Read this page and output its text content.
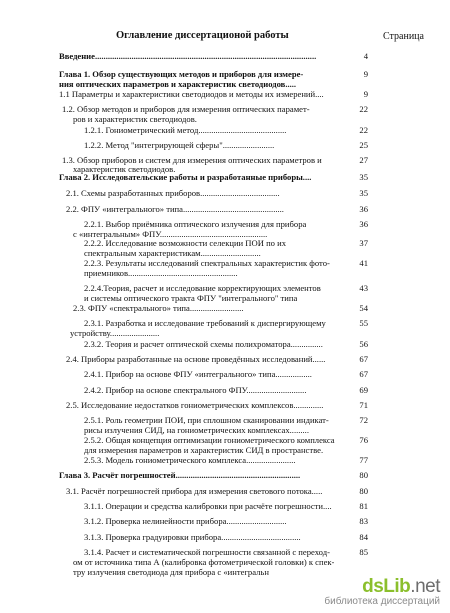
Оглавление диссертационой работы	Страница
Введение.......................................................................................................	4
Глава 1. Обзор существующих методов и приборов для измере-	9
ния оптических параметров и характеристик светодиодов.....
1.1 Параметры и характеристики светодиодов и методы их измерений....	9
1.2. Обзор методов и приборов для измерения оптических парамет-	22
ров и характеристик светодиодов.
1.2.1. Гониометрический метод.........................................	22
1.2.2. Метод "интегрирующей сферы"........................	25
1.3. Обзор приборов и систем для измерения оптических параметров и	27
характеристик светодиодов.
Глава 2. Исследовательские работы и разработанные приборы....	35
2.1. Схемы разработанных приборов.....................................	35
2.2. ФПУ «интегрального» типа...............................................	36
2.2.1. Выбор приёмника оптического излучения для прибора	36
с «интегральным» ФПУ..................................................
2.2.2. Исследование возможности селекции ПОИ по их	37
спектральным характеристикам............................
2.2.3. Результаты исследований спектральных характеристик фото-	41
приемников...................................................
2.2.4.Теория, расчет и исследование корректирующих элементов	43
и системы оптического тракта ФПУ "интегрального" типа
2.3. ФПУ «спектрального» типа.........................	54
2.3.1. Разработка и исследование требований к диспергирующему	55
устройству.......................
2.3.2. Теория и расчет оптической схемы полихроматора...............	56
2.4. Приборы разработанные на основе проведённых исследований......	67
2.4.1. Прибор на основе ФПУ «интегрального» типа.................	67
2.4.2. Прибор на основе спектрального ФПУ............................	69
2.5. Исследование недостатков гониометрических комплексов..............	71
2.5.1. Роль геометрии ПОИ, при сплошном сканировании индикат-	72
рисы излучения СИД, на гониометрических комплексах.........
2.5.2. Общая концепция оптимизации гониометрического комплекса	76
для измерения параметров и характеристик СИД в пространстве.
2.5.3. Модель гониометрического комплекса.......................	77
Глава 3. Расчёт погрешностей..........................................................	80
3.1. Расчёт погрешностей прибора для измерения светового потока.....	80
3.1.1. Операции и средства калибровки при расчёте погрешности....	81
3.1.2. Проверка нелинейности прибора............................	83
3.1.3. Проверка градуировки прибора.....................................	84
3.1.4. Расчет и систематической погрешности связанной с переход-	85
ом от источника типа А (калибровка фотометрической головки) к спек-
тру излучения светодиода для прибора с «интегральн
dsLib.net
библиотека диссертаций
